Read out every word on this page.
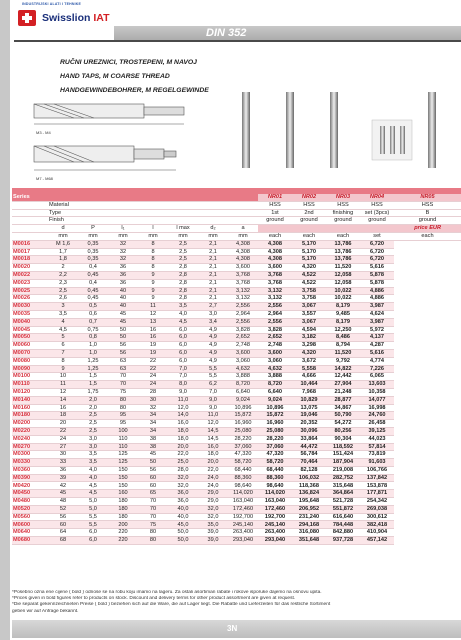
INDUSTRIJSKI ALATI I TEHNIKE
Swisslion IAT
DIN 352
RUČNI UREZNICI, TROSTEPENI, M NAVOJ
HAND TAPS, M COARSE THREAD
HANDGEWINDEBOHRER, M REGELGEWINDE
M3 - M4
M7 - M68
Series								NR01	NR02	NR03	NR04	NR05
	Material							HSS	HSS	HSS	HSS	HSS
	Type							1st	2nd	finishing	set (3pcs)	B
	Finish							ground	ground	ground	ground	ground
	d	P	l₁	l	l max	d₂	a	price EUR				
	mm	mm	mm	mm	mm	mm	mm	each	each	each	set	each
M0016	M 1,6	0,35	32	8	2,5	2,1	4,308	4,308	5,170	13,786	6,720	
M0017	1,7	0,35	32	8	2,5	2,1	4,308	4,308	5,170	13,786	6,720	
M0018	1,8	0,35	32	8	2,5	2,1	4,308	4,308	5,170	13,786	6,720	
M0020	2	0,4	36	8	2,8	2,1	3,600	3,600	4,320	11,520	5,616	
M0022	2,2	0,45	36	9	2,8	2,1	3,768	3,768	4,522	12,058	5,878	
M0023	2,3	0,4	36	9	2,8	2,1	3,768	3,768	4,522	12,058	5,878	
M0025	2,5	0,45	40	9	2,8	2,1	3,132	3,132	3,758	10,022	4,886	
M0026	2,6	0,45	40	9	2,8	2,1	3,132	3,132	3,758	10,022	4,886	
M0030	3	0,5	40	11	3,5	2,7	2,556	2,556	3,067	8,179	3,987	
M0035	3,5	0,6	45	12	4,0	3,0	2,964	2,964	3,557	9,485	4,624	
M0040	4	0,7	45	13	4,5	3,4	2,556	2,556	3,067	8,179	3,987	
M0045	4,5	0,75	50	16	6,0	4,9	3,828	3,828	4,594	12,250	5,972	
M0050	5	0,8	50	16	6,0	4,9	2,652	2,652	3,182	8,486	4,137	
M0060	6	1,0	56	19	6,0	4,9	2,748	2,748	3,298	8,794	4,287	
M0070	7	1,0	56	19	6,0	4,9	3,600	3,600	4,320	11,520	5,616	
M0080	8	1,25	63	22	6,0	4,9	3,060	3,060	3,672	9,792	4,774	
M0090	9	1,25	63	22	7,0	5,5	4,632	4,632	5,558	14,822	7,226	
M0100	10	1,5	70	24	7,0	5,5	3,888	3,888	4,666	12,442	6,065	
M0110	11	1,5	70	24	8,0	6,2	8,720	8,720	10,464	27,904	13,603	
M0120	12	1,75	75	28	9,0	7,0	6,640	6,640	7,968	21,248	10,358	
M0140	14	2,0	80	30	11,0	9,0	9,024	9,024	10,829	28,877	14,077	
M0160	16	2,0	80	32	12,0	9,0	10,896	10,896	13,075	34,867	16,998	
M0180	18	2,5	95	34	14,0	11,0	15,872	15,872	19,046	50,790	24,760	
M0200	20	2,5	95	34	16,0	12,0	16,960	16,960	20,352	54,272	26,458	
M0220	22	2,5	100	34	18,0	14,5	25,080	25,080	30,096	80,256	39,125	
M0240	24	3,0	110	38	18,0	14,5	28,220	28,220	33,864	90,304	44,023	
M0270	27	3,0	110	38	20,0	16,0	37,060	37,060	44,472	118,592	57,814	
M0300	30	3,5	125	45	22,0	18,0	47,320	47,320	56,784	151,424	73,819	
M0330	33	3,5	125	50	25,0	20,0	58,720	58,720	70,464	187,904	91,603	
M0360	36	4,0	150	56	28,0	22,0	68,440	68,440	82,128	219,008	106,766	
M0390	39	4,0	150	60	32,0	24,0	88,360	88,360	106,032	282,752	137,842	
M0420	42	4,5	150	60	32,0	24,0	98,640	98,640	118,368	315,648	153,878	
M0450	45	4,5	160	65	36,0	29,0	114,020	114,020	136,824	364,864	177,871	
M0480	48	5,0	180	70	36,0	29,0	163,040	163,040	195,648	521,728	254,342	
M0520	52	5,0	180	70	40,0	32,0	172,460	172,460	206,952	551,872	269,038	
M0560	56	5,5	180	70	40,0	32,0	192,700	192,700	231,240	616,640	300,612	
M0600	60	5,5	200	75	45,0	35,0	245,140	245,140	294,168	784,448	382,418	
M0640	64	6,0	220	80	50,0	39,0	263,400	263,400	316,080	842,880	410,904	
M0680	68	6,0	220	80	50,0	39,0	293,040	293,040	351,648	937,728	457,142	
*Posebno ozna ene cijene ( bold ) odnose se na robu koju imamo na lageru. Za ostali asortiman rabate i rokove isporuke dajemo na osnovu upita.
*Prices given in bold figures refer to products on stock. Discount and delivery terms for other product assortment are given at request.
*Die separat gekennzeichneten Preise ( bold ) beziehen sich auf die Ware, die auf Lager liegt. Die Rabatte und Lieferzeiten für das restliche Sortiment
geben wir auf Anfrage bekannt.
3N
